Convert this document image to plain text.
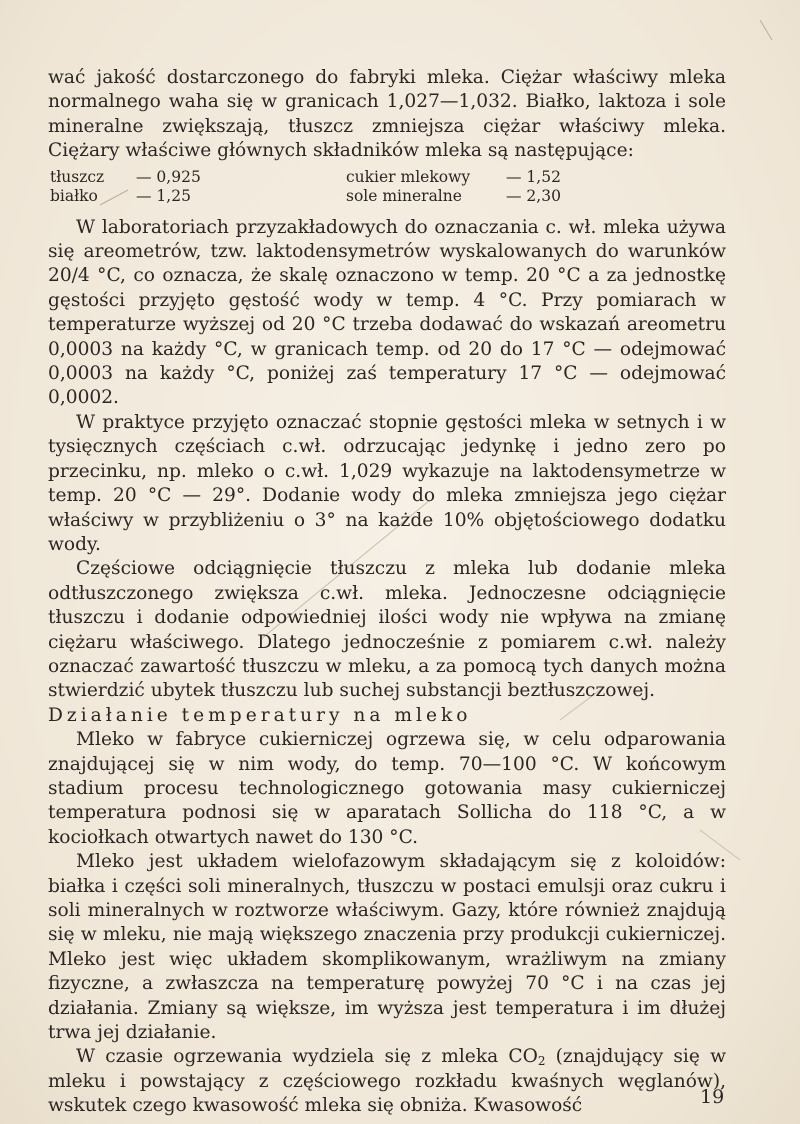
wać jakość dostarczonego do fabryki mleka. Ciężar właściwy mleka normalnego waha się w granicach 1,027—1,032. Białko, laktoza i sole mineralne zwiększają, tłuszcz zmniejsza ciężar właściwy mleka. Ciężary właściwe głównych składników mleka są następujące:

tłuszcz	— 0,925	cukier mlekowy	— 1,52
białko	— 1,25	sole mineralne	— 2,30

W laboratoriach przyzakładowych do oznaczania c. wł. mleka używa się areometrów, tzw. laktodensymetrów wyskalowanych do warunków 20/4 °C, co oznacza, że skalę oznaczono w temp. 20 °C a za jednostkę gęstości przyjęto gęstość wody w temp. 4 °C. Przy pomiarach w temperaturze wyższej od 20 °C trzeba dodawać do wskazań areometru 0,0003 na każdy °C, w granicach temp. od 20 do 17 °C — odejmować 0,0003 na każdy °C, poniżej zaś temperatury 17 °C — odejmować 0,0002.

W praktyce przyjęto oznaczać stopnie gęstości mleka w setnych i w tysięcznych częściach c.wł. odrzucając jedynkę i jedno zero po przecinku, np. mleko o c.wł. 1,029 wykazuje na laktodensymetrze w temp. 20 °C — 29°. Dodanie wody do mleka zmniejsza jego ciężar właściwy w przybliżeniu o 3° na każde 10% objętościowego dodatku wody.

Częściowe odciągnięcie tłuszczu z mleka lub dodanie mleka odtłuszczonego zwiększa c.wł. mleka. Jednoczesne odciągnięcie tłuszczu i dodanie odpowiedniej ilości wody nie wpływa na zmianę ciężaru właściwego. Dlatego jednocześnie z pomiarem c.wł. należy oznaczać zawartość tłuszczu w mleku, a za pomocą tych danych można stwierdzić ubytek tłuszczu lub suchej substancji beztłuszczowej.

Działanie temperatury na mleko

Mleko w fabryce cukierniczej ogrzewa się, w celu odparowania znajdującej się w nim wody, do temp. 70—100 °C. W końcowym stadium procesu technologicznego gotowania masy cukierniczej temperatura podnosi się w aparatach Sollicha do 118 °C, a w kociołkach otwartych nawet do 130 °C.

Mleko jest układem wielofazowym składającym się z koloidów: białka i części soli mineralnych, tłuszczu w postaci emulsji oraz cukru i soli mineralnych w roztworze właściwym. Gazy, które również znajdują się w mleku, nie mają większego znaczenia przy produkcji cukierniczej. Mleko jest więc układem skomplikowanym, wrażliwym na zmiany fizyczne, a zwłaszcza na temperaturę powyżej 70 °C i na czas jej działania. Zmiany są większe, im wyższa jest temperatura i im dłużej trwa jej działanie.

W czasie ogrzewania wydziela się z mleka $CO_2$ (znajdujący się w mleku i powstający z częściowego rozkładu kwaśnych węglanów), wskutek czego kwasowość mleka się obniża. Kwasowość	19
